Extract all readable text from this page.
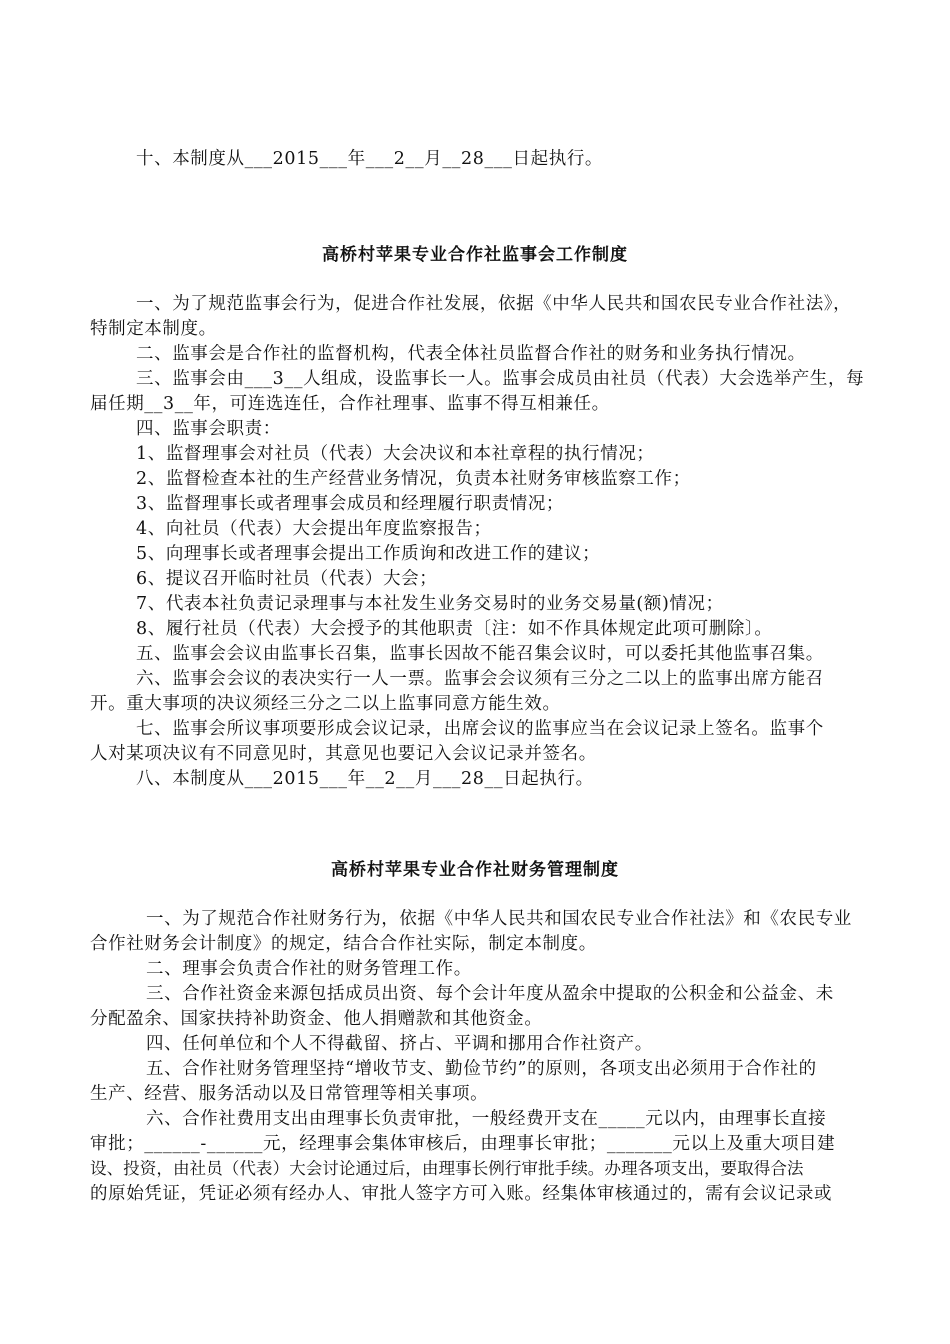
十、本制度从___2015___年___2__月__28___日起执行。
高桥村苹果专业合作社监事会工作制度
一、为了规范监事会行为，促进合作社发展，依据《中华人民共和国农民专业合作社法》，
特制定本制度。
二、监事会是合作社的监督机构，代表全体社员监督合作社的财务和业务执行情况。
三、监事会由___3__人组成，设监事长一人。监事会成员由社员（代表）大会选举产生，每
届任期__3__年，可连选连任，合作社理事、监事不得互相兼任。
四、监事会职责：
1、监督理事会对社员（代表）大会决议和本社章程的执行情况；
2、监督检查本社的生产经营业务情况，负责本社财务审核监察工作；
3、监督理事长或者理事会成员和经理履行职责情况；
4、向社员（代表）大会提出年度监察报告；
5、向理事长或者理事会提出工作质询和改进工作的建议；
6、提议召开临时社员（代表）大会；
7、代表本社负责记录理事与本社发生业务交易时的业务交易量(额)情况；
8、履行社员（代表）大会授予的其他职责〔注：如不作具体规定此项可删除〕。
五、监事会会议由监事长召集，监事长因故不能召集会议时，可以委托其他监事召集。
六、监事会会议的表决实行一人一票。监事会会议须有三分之二以上的监事出席方能召
开。重大事项的决议须经三分之二以上监事同意方能生效。
七、监事会所议事项要形成会议记录，出席会议的监事应当在会议记录上签名。监事个
人对某项决议有不同意见时，其意见也要记入会议记录并签名。
八、本制度从___2015___年__2__月___28__日起执行。
高桥村苹果专业合作社财务管理制度
一、为了规范合作社财务行为，依据《中华人民共和国农民专业合作社法》和《农民专业
合作社财务会计制度》的规定，结合合作社实际，制定本制度。
二、理事会负责合作社的财务管理工作。
三、合作社资金来源包括成员出资、每个会计年度从盈余中提取的公积金和公益金、未
分配盈余、国家扶持补助资金、他人捐赠款和其他资金。
四、任何单位和个人不得截留、挤占、平调和挪用合作社资产。
五、合作社财务管理坚持“增收节支、勤俭节约”的原则，各项支出必须用于合作社的
生产、经营、服务活动以及日常管理等相关事项。
六、合作社费用支出由理事长负责审批，一般经费开支在_____元以内，由理事长直接
审批；______-______元，经理事会集体审核后，由理事长审批；_______元以上及重大项目建
设、投资，由社员（代表）大会讨论通过后，由理事长例行审批手续。办理各项支出，要取得合法
的原始凭证，凭证必须有经办人、审批人签字方可入账。经集体审核通过的，需有会议记录或
